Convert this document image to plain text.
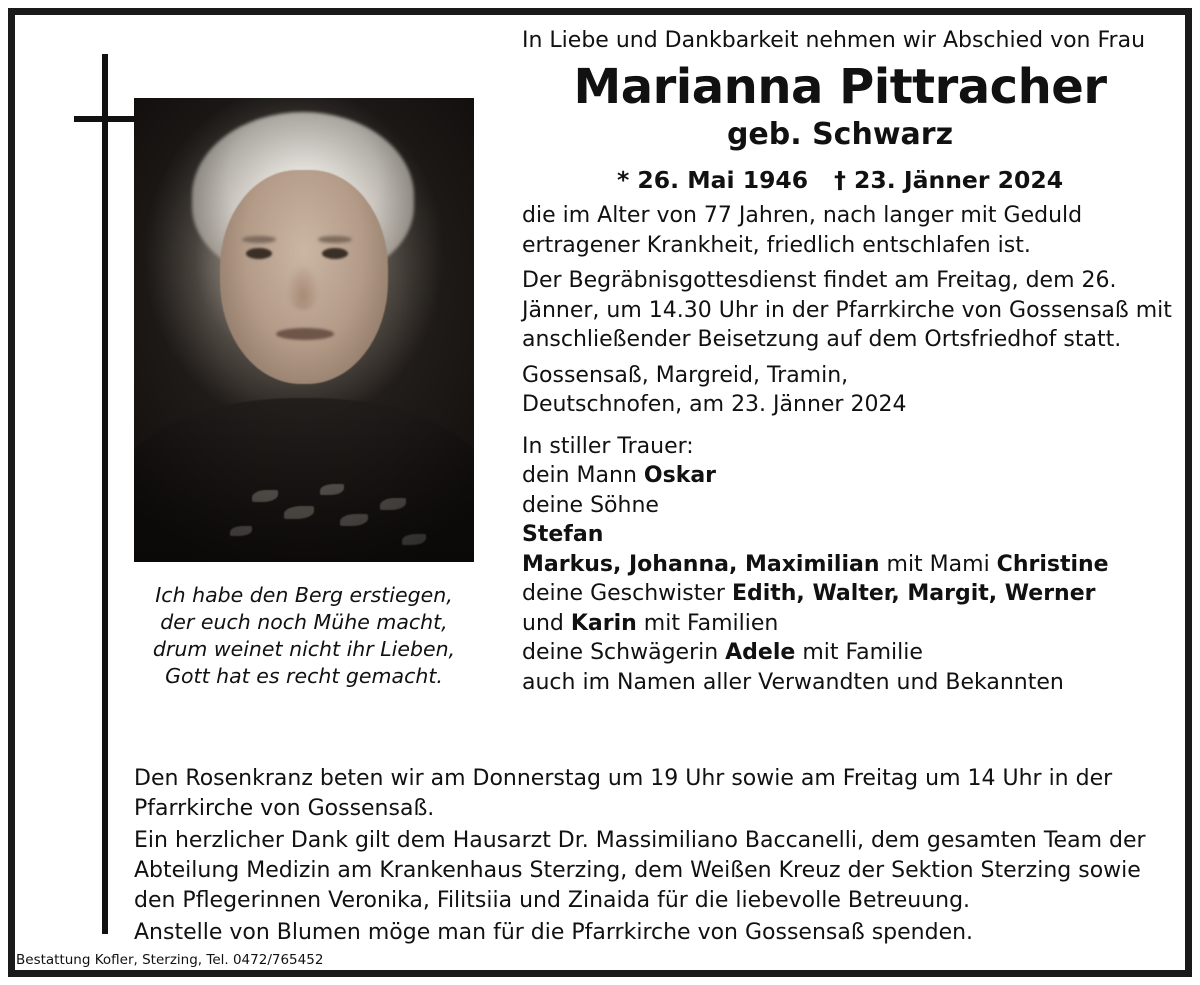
Ich habe den Berg erstiegen,
der euch noch Mühe macht,
drum weinet nicht ihr Lieben,
Gott hat es recht gemacht.
In Liebe und Dankbarkeit nehmen wir Abschied von Frau
Marianna Pittracher
geb. Schwarz
* 26. Mai 1946 † 23. Jänner 2024
die im Alter von 77 Jahren, nach langer mit Geduld ertragener Krankheit, friedlich entschlafen ist.
Der Begräbnisgottesdienst findet am Freitag, dem 26. Jänner, um 14.30 Uhr in der Pfarrkirche von Gossensaß mit anschließender Beisetzung auf dem Ortsfriedhof statt.
Gossensaß, Margreid, Tramin,
Deutschnofen, am 23. Jänner 2024
In stiller Trauer:
dein Mann Oskar
deine Söhne
Stefan
Markus, Johanna, Maximilian mit Mami Christine
deine Geschwister Edith, Walter, Margit, Werner
und Karin mit Familien
deine Schwägerin Adele mit Familie
auch im Namen aller Verwandten und Bekannten

Den Rosenkranz beten wir am Donnerstag um 19 Uhr sowie am Freitag um 14 Uhr in der Pfarrkirche von Gossensaß.

Ein herzlicher Dank gilt dem Hausarzt Dr. Massimiliano Baccanelli, dem gesamten Team der Abteilung Medizin am Krankenhaus Sterzing, dem Weißen Kreuz der Sektion Sterzing sowie den Pflegerinnen Veronika, Filitsiia und Zinaida für die liebevolle Betreuung.

Anstelle von Blumen möge man für die Pfarrkirche von Gossensaß spenden.

Bestattung Kofler, Sterzing, Tel. 0472/765452
